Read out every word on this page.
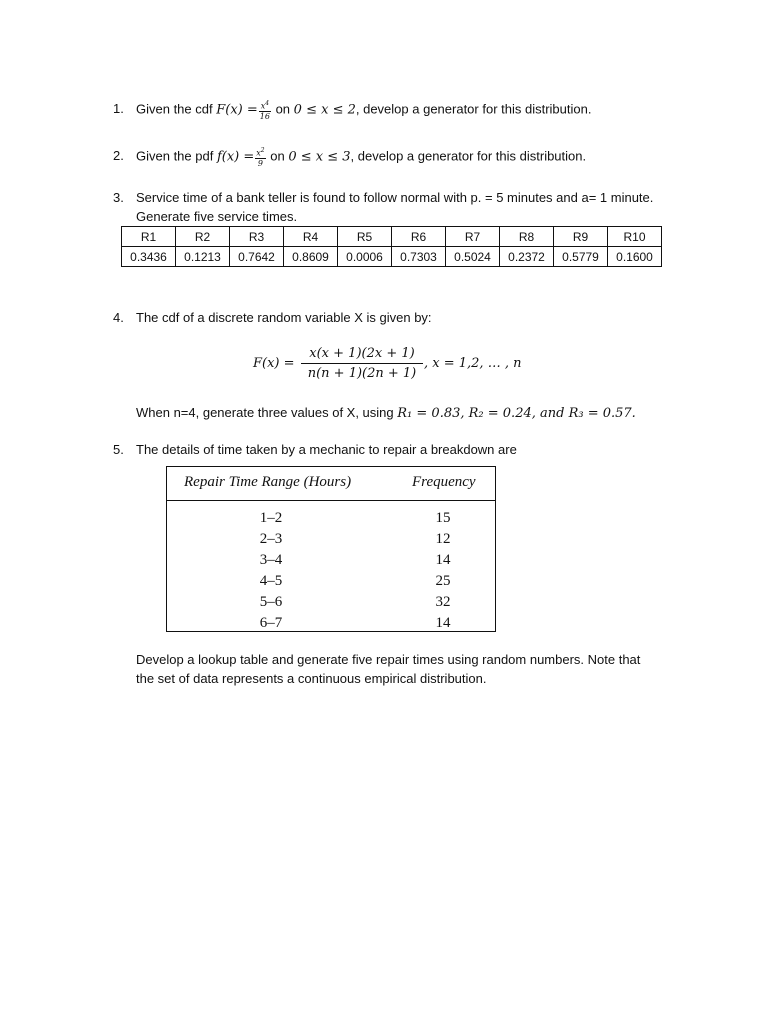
1. Given the cdf $F(x) = \frac{x^4}{16}$ on 0 ≤ x ≤ 2, develop a generator for this distribution.
2. Given the pdf $f(x) = \frac{x^2}{9}$ on 0 ≤ x ≤ 3, develop a generator for this distribution.
3. Service time of a bank teller is found to follow normal with p. = 5 minutes and a= 1 minute.
Generate five service times.
R1	R2	R3	R4	R5	R6	R7	R8	R9	R10
0.3436	0.1213	0.7642	0.8609	0.0006	0.7303	0.5024	0.2372	0.5779	0.1600
4. The cdf of a discrete random variable X is given by:
$F(x) = \frac{x(x + 1)(2x + 1)}{n(n + 1)(2n + 1)}$ , x = 1,2, … , n
When n=4, generate three values of X, using R₁ = 0.83, R₂ = 0.24, and R₃ = 0.57.
5. The details of time taken by a mechanic to repair a breakdown are
Repair Time Range (Hours)	Frequency
1–2	15
2–3	12
3–4	14
4–5	25
5–6	32
6–7	14
Develop a lookup table and generate five repair times using random numbers. Note that
the set of data represents a continuous empirical distribution.
